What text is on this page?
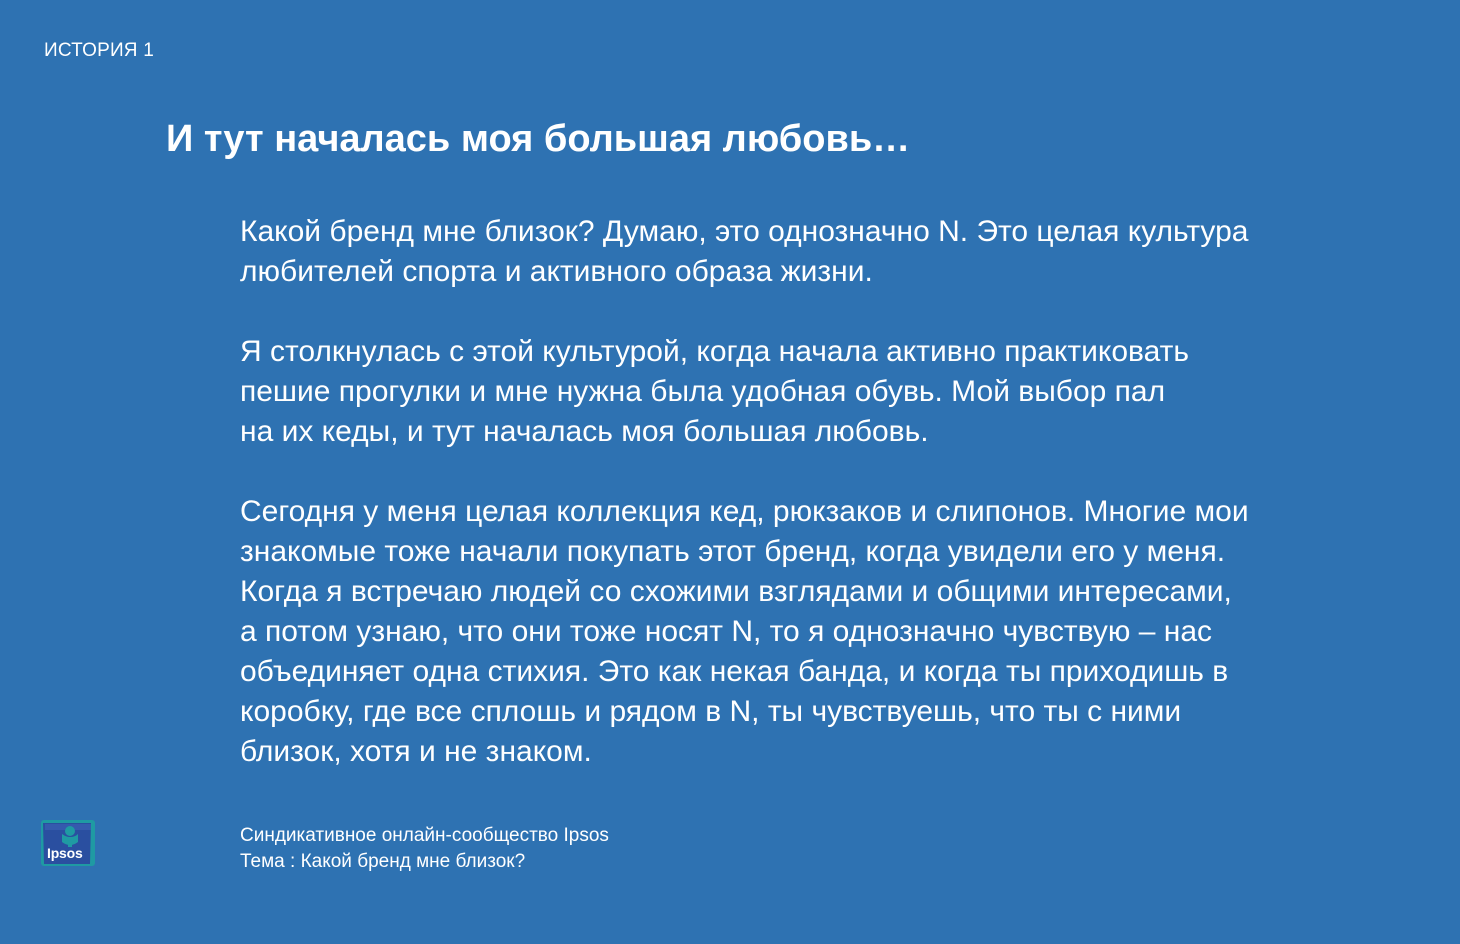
ИСТОРИЯ 1
И тут началась моя большая любовь…

Какой бренд мне близок? Думаю, это однозначно N. Это целая культура
любителей спорта и активного образа жизни.

Я столкнулась с этой культурой, когда начала активно практиковать
пешие прогулки и мне нужна была удобная обувь. Мой выбор пал
на их кеды, и тут началась моя большая любовь.

Сегодня у меня целая коллекция кед, рюкзаков и слипонов. Многие мои
знакомые тоже начали покупать этот бренд, когда увидели его у меня.
Когда я встречаю людей со схожими взглядами и общими интересами,
а потом узнаю, что они тоже носят N, то я однозначно чувствую – нас
объединяет одна стихия. Это как некая банда, и когда ты приходишь в
коробку, где все сплошь и рядом в N, ты чувствуешь, что ты с ними
близок, хотя и не знаком.

Ipsos
Синдикативное онлайн-сообщество Ipsos
Тема : Какой бренд мне близок?
